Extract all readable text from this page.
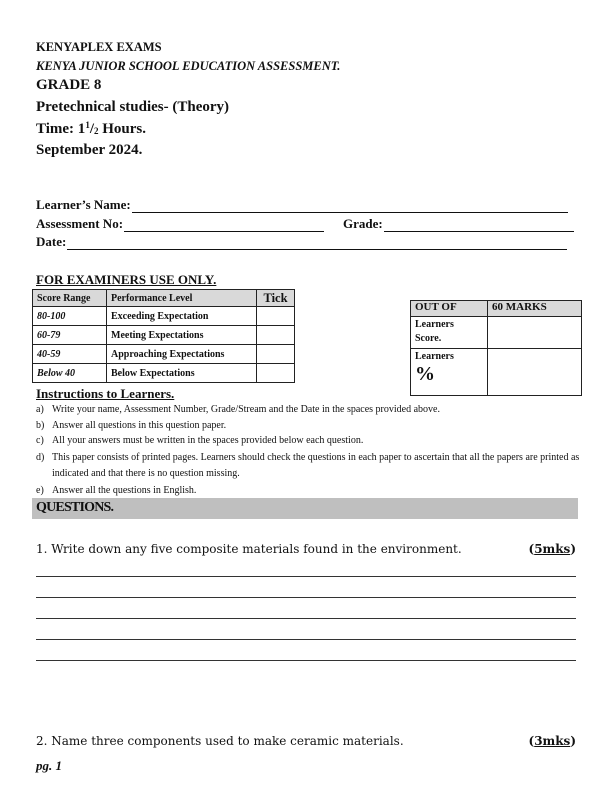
KENYAPLEX EXAMS
KENYA JUNIOR SCHOOL EDUCATION ASSESSMENT.
GRADE 8
Pretechnical studies- (Theory)
Time: $1^1/_2$ Hours.
September 2024.
Learner’s Name:
Assessment No:	Grade:
Date:
FOR EXAMINERS USE ONLY.
Score Range	Performance Level	Tick
80-100	Exceeding Expectation	
60-79	Meeting Expectations	
40-59	Approaching Expectations	
Below 40	Below Expectations	
OUT OF	60 MARKS
Learners
Score.	
Learners
%	

Instructions to Learners.
a) Write your name, Assessment Number, Grade/Stream and the Date in the spaces provided above.
b) Answer all questions in this question paper.
c) All your answers must be written in the spaces provided below each question.
d) This paper consists of printed pages. Learners should check the questions in each paper to ascertain that all the papers are printed as indicated and that there is no question missing.
e) Answer all the questions in English.
QUESTIONS.
1. Write down any five composite materials found in the environment.	(5mks)
2. Name three components used to make ceramic materials.	(3mks)
pg. 1
